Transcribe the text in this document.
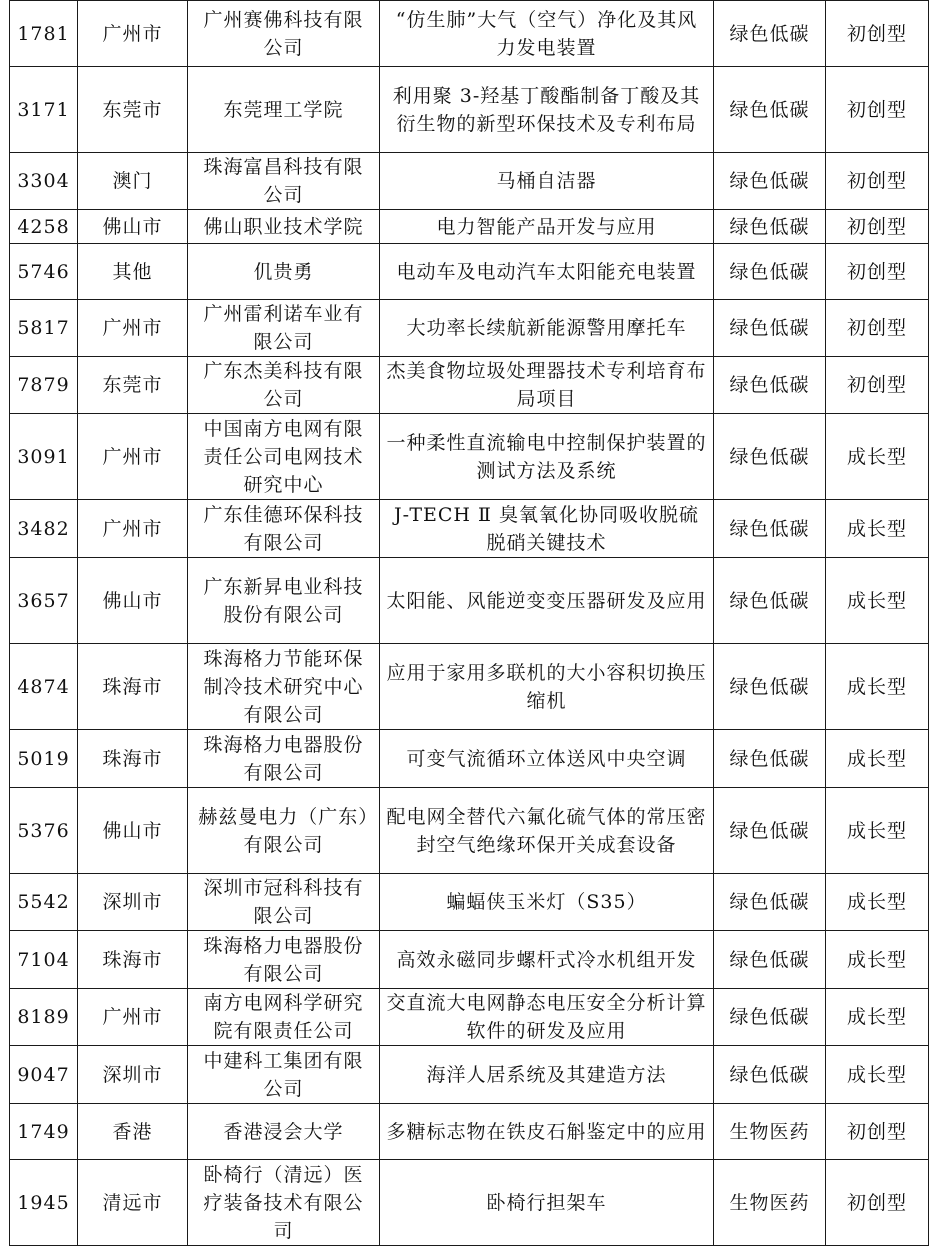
1781	广州市	广州赛佛科技有限公司	“仿生肺”大气（空气）净化及其风力发电装置	绿色低碳	初创型
3171	东莞市	东莞理工学院	利用聚 3-羟基丁酸酯制备丁酸及其衍生物的新型环保技术及专利布局	绿色低碳	初创型
3304	澳门	珠海富昌科技有限公司	马桶自洁器	绿色低碳	初创型
4258	佛山市	佛山职业技术学院	电力智能产品开发与应用	绿色低碳	初创型
5746	其他	仉贵勇	电动车及电动汽车太阳能充电装置	绿色低碳	初创型
5817	广州市	广州雷利诺车业有限公司	大功率长续航新能源警用摩托车	绿色低碳	初创型
7879	东莞市	广东杰美科技有限公司	杰美食物垃圾处理器技术专利培育布局项目	绿色低碳	初创型
3091	广州市	中国南方电网有限责任公司电网技术研究中心	一种柔性直流输电中控制保护装置的测试方法及系统	绿色低碳	成长型
3482	广州市	广东佳德环保科技有限公司	J-TECH Ⅱ 臭氧氧化协同吸收脱硫脱硝关键技术	绿色低碳	成长型
3657	佛山市	广东新昇电业科技股份有限公司	太阳能、风能逆变变压器研发及应用	绿色低碳	成长型
4874	珠海市	珠海格力节能环保制冷技术研究中心有限公司	应用于家用多联机的大小容积切换压缩机	绿色低碳	成长型
5019	珠海市	珠海格力电器股份有限公司	可变气流循环立体送风中央空调	绿色低碳	成长型
5376	佛山市	赫兹曼电力（广东）有限公司	配电网全替代六氟化硫气体的常压密封空气绝缘环保开关成套设备	绿色低碳	成长型
5542	深圳市	深圳市冠科科技有限公司	蝙蝠侠玉米灯（S35）	绿色低碳	成长型
7104	珠海市	珠海格力电器股份有限公司	高效永磁同步螺杆式冷水机组开发	绿色低碳	成长型
8189	广州市	南方电网科学研究院有限责任公司	交直流大电网静态电压安全分析计算软件的研发及应用	绿色低碳	成长型
9047	深圳市	中建科工集团有限公司	海洋人居系统及其建造方法	绿色低碳	成长型
1749	香港	香港浸会大学	多糖标志物在铁皮石斛鉴定中的应用	生物医药	初创型
1945	清远市	卧椅行（清远）医疗装备技术有限公司	卧椅行担架车	生物医药	初创型
